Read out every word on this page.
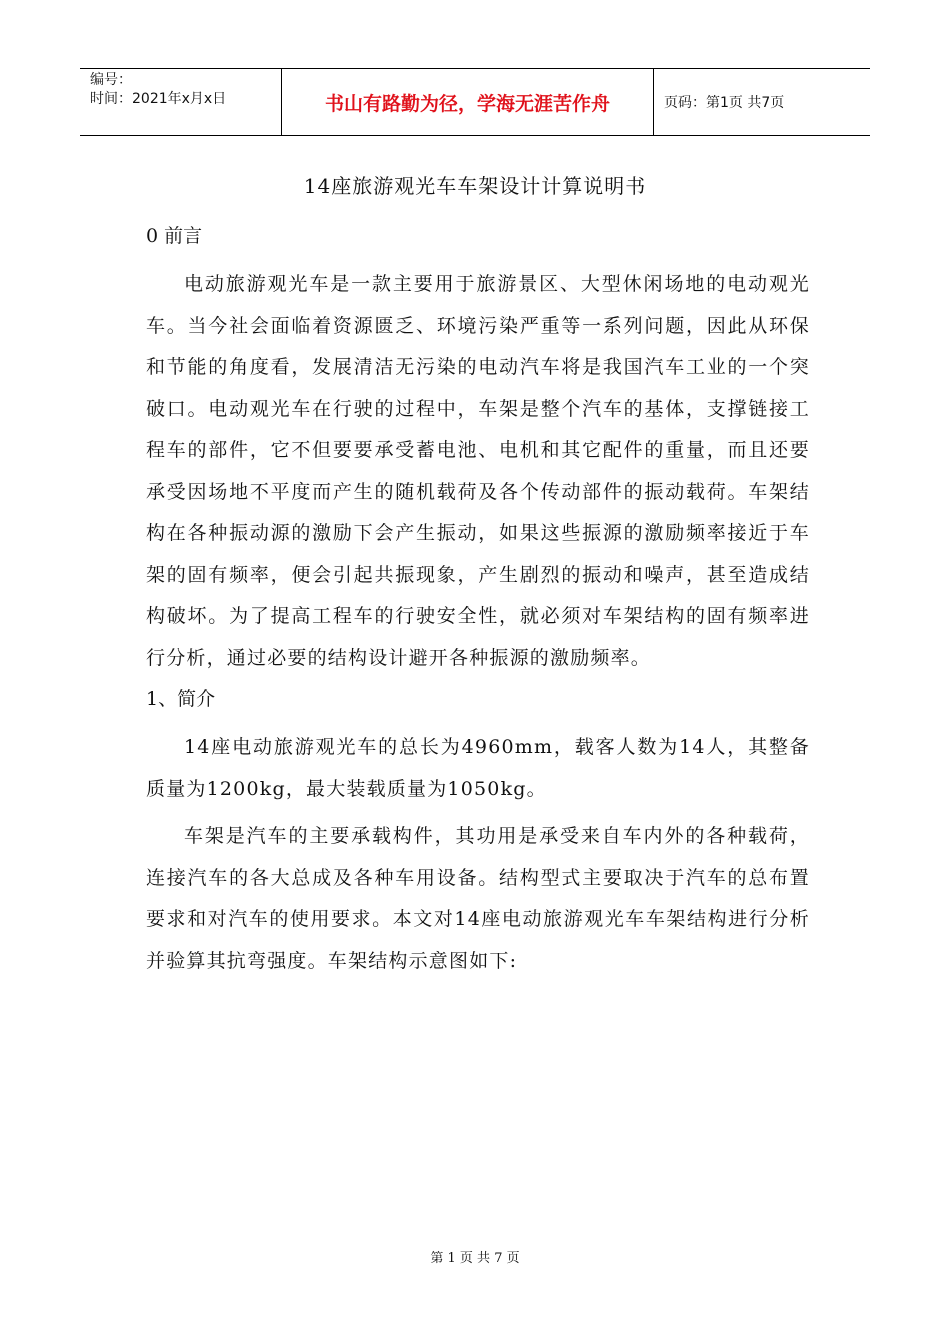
编号：
时间：2021年x月x日	书山有路勤为径，学海无涯苦作舟	页码：第1页 共7页
14座旅游观光车车架设计计算说明书
0 前言

电动旅游观光车是一款主要用于旅游景区、大型休闲场地的电动观光车。当今社会面临着资源匮乏、环境污染严重等一系列问题，因此从环保和节能的角度看，发展清洁无污染的电动汽车将是我国汽车工业的一个突破口。电动观光车在行驶的过程中，车架是整个汽车的基体，支撑链接工程车的部件，它不但要要承受蓄电池、电机和其它配件的重量，而且还要承受因场地不平度而产生的随机载荷及各个传动部件的振动载荷。车架结构在各种振动源的激励下会产生振动，如果这些振源的激励频率接近于车架的固有频率，便会引起共振现象，产生剧烈的振动和噪声，甚至造成结构破坏。为了提高工程车的行驶安全性，就必须对车架结构的固有频率进行分析，通过必要的结构设计避开各种振源的激励频率。

1、简介

14座电动旅游观光车的总长为4960mm，载客人数为14人，其整备质量为1200kg，最大装载质量为1050kg。

车架是汽车的主要承载构件，其功用是承受来自车内外的各种载荷，连接汽车的各大总成及各种车用设备。结构型式主要取决于汽车的总布置要求和对汽车的使用要求。本文对14座电动旅游观光车车架结构进行分析并验算其抗弯强度。车架结构示意图如下:

第 1 页 共 7 页
